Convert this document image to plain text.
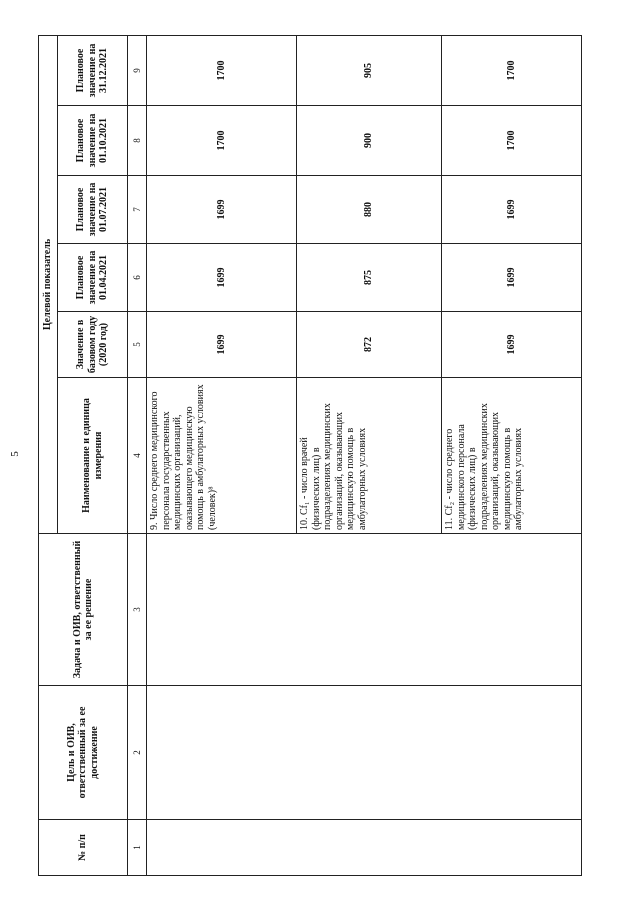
5
№ п/п	Цель и ОИВ, ответственный за ее достижение	Задача и ОИВ, ответственный за ее решение	Целевой показатель					
			Наименование и единица измерения	Значение в базовом году (2020 год)	Плановое значение на 01.04.2021	Плановое значение на 01.07.2021	Плановое значение на 01.10.2021	Плановое значение на 31.12.2021
1	2	3	4	5	6	7	8	9
			9. Число среднего медицинского персонала государственных медицинских организаций, оказывающего медицинскую помощь в амбулаторных условиях (человек)⁸	1699	1699	1699	1700	1700
			10. Сf₁ - число врачей (физических лиц) в подразделениях медицинских организаций, оказывающих медицинскую помощь в амбулаторных условиях	872	875	880	900	905
			11. Сf₂ - число среднего медицинского персонала (физических лиц) в подразделениях медицинских организаций, оказывающих медицинскую помощь в амбулаторных условиях	1699	1699	1699	1700	1700
